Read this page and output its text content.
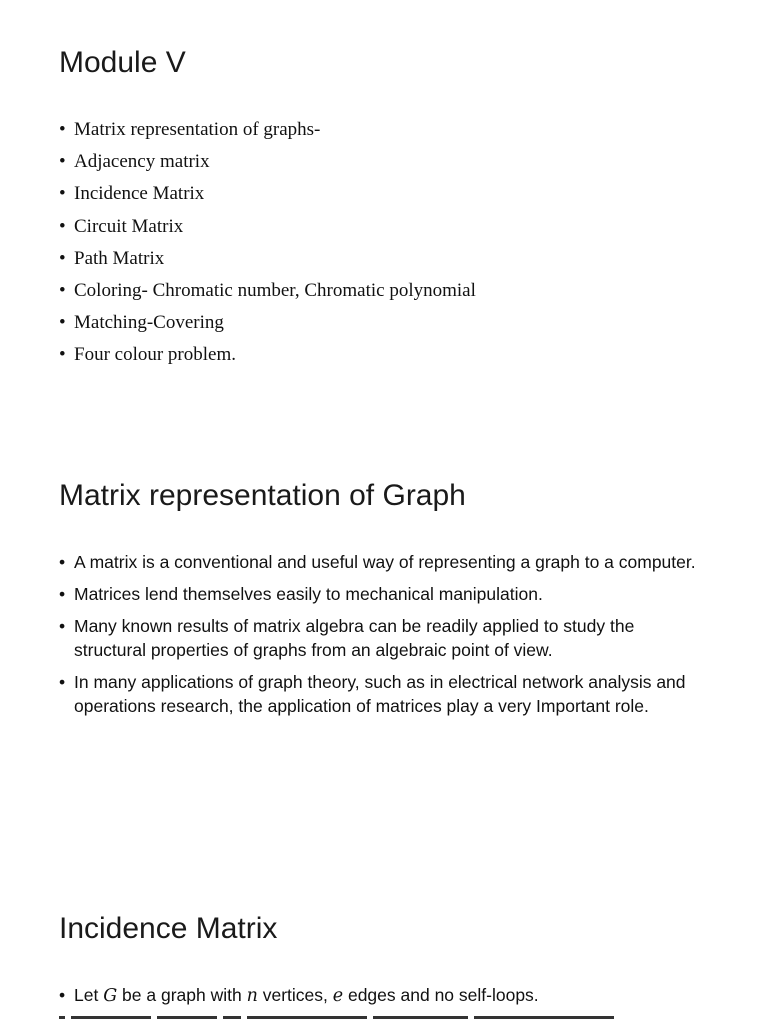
Module V
• Matrix representation of graphs-
• Adjacency matrix
• Incidence Matrix
• Circuit Matrix
• Path Matrix
• Coloring- Chromatic number, Chromatic polynomial
• Matching-Covering
• Four colour problem.
Matrix representation of Graph
• A matrix is a conventional and useful way of representing a graph to a computer.
• Matrices lend themselves easily to mechanical manipulation.
• Many known results of matrix algebra can be readily applied to study the structural properties of graphs from an algebraic point of view.
• In many applications of graph theory, such as in electrical network analysis and operations research, the application of matrices play a very Important role.
Incidence Matrix
• Let G be a graph with n vertices, e edges and no self-loops.
